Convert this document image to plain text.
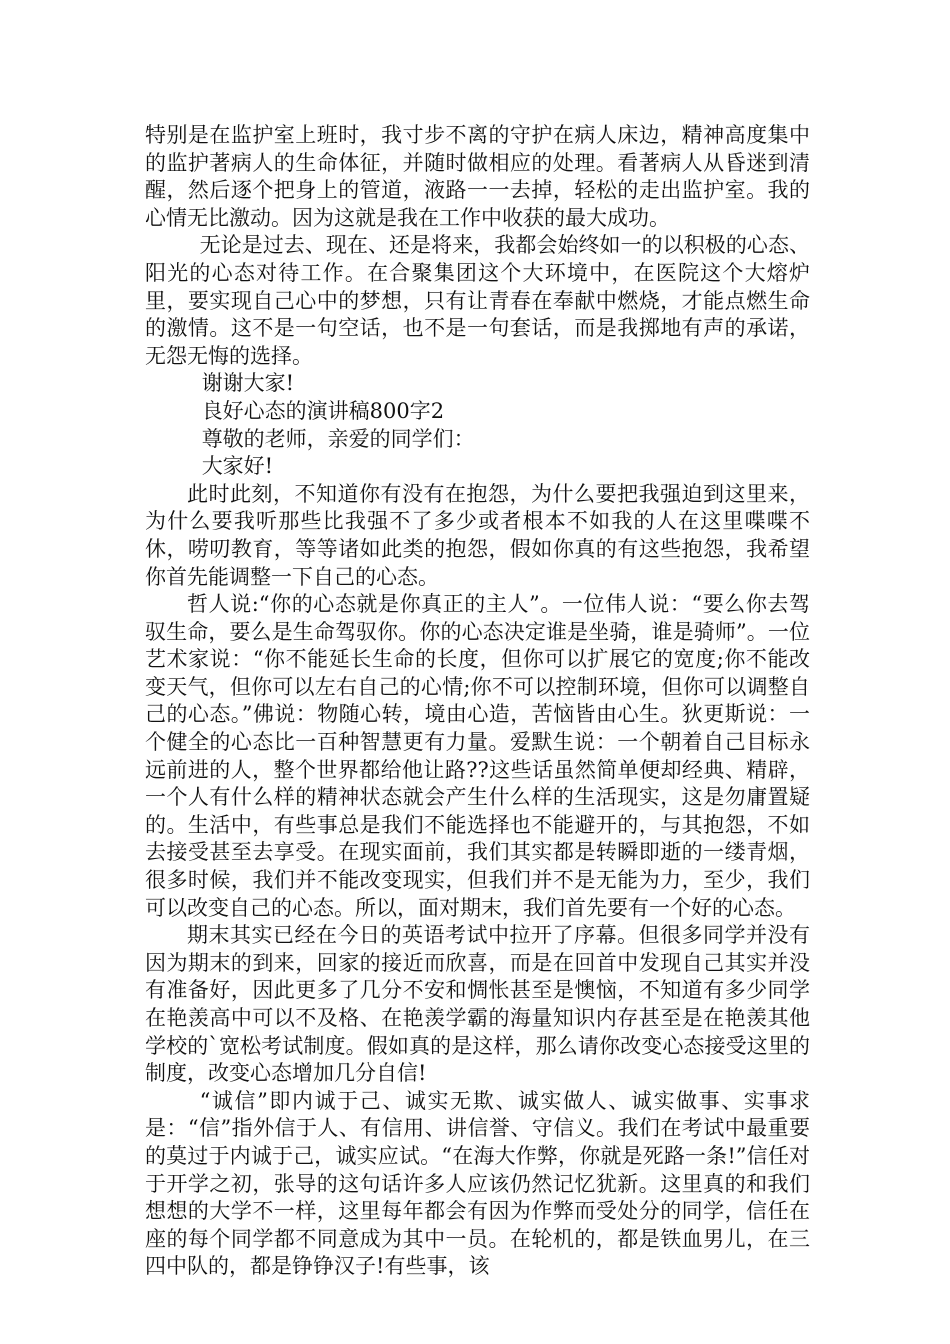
特别是在监护室上班时，我寸步不离的守护在病人床边，精神高度集中的监护著病人的生命体征，并随时做相应的处理。看著病人从昏迷到清醒，然后逐个把身上的管道，液路一一去掉，轻松的走出监护室。我的心情无比激动。因为这就是我在工作中收获的最大成功。

无论是过去、现在、还是将来，我都会始终如一的以积极的心态、阳光的心态对待工作。在合聚集团这个大环境中，在医院这个大熔炉里，要实现自己心中的梦想，只有让青春在奉献中燃烧，才能点燃生命的激情。这不是一句空话，也不是一句套话，而是我掷地有声的承诺，无怨无悔的选择。

谢谢大家!

良好心态的演讲稿800字2

尊敬的老师，亲爱的同学们：

大家好!

此时此刻，不知道你有没有在抱怨，为什么要把我强迫到这里来，为什么要我听那些比我强不了多少或者根本不如我的人在这里喋喋不休，唠叨教育，等等诸如此类的抱怨，假如你真的有这些抱怨，我希望你首先能调整一下自己的心态。

哲人说:“你的心态就是你真正的主人”。一位伟人说：“要么你去驾驭生命，要么是生命驾驭你。你的心态决定谁是坐骑，谁是骑师”。一位艺术家说：“你不能延长生命的长度，但你可以扩展它的宽度;你不能改变天气，但你可以左右自己的心情;你不可以控制环境，但你可以调整自己的心态。”佛说：物随心转，境由心造，苦恼皆由心生。狄更斯说：一个健全的心态比一百种智慧更有力量。爱默生说：一个朝着自己目标永远前进的人，整个世界都给他让路??这些话虽然简单便却经典、精辟，一个人有什么样的精神状态就会产生什么样的生活现实，这是勿庸置疑的。生活中，有些事总是我们不能选择也不能避开的，与其抱怨，不如去接受甚至去享受。在现实面前，我们其实都是转瞬即逝的一缕青烟，很多时候，我们并不能改变现实，但我们并不是无能为力，至少，我们可以改变自己的心态。所以，面对期末，我们首先要有一个好的心态。

期末其实已经在今日的英语考试中拉开了序幕。但很多同学并没有因为期末的到来，回家的接近而欣喜，而是在回首中发现自己其实并没有准备好，因此更多了几分不安和惆怅甚至是懊恼，不知道有多少同学在艳羡高中可以不及格、在艳羡学霸的海量知识内存甚至是在艳羡其他学校的`宽松考试制度。假如真的是这样，那么请你改变心态接受这里的制度，改变心态增加几分自信!

“诚信”即内诚于己、诚实无欺、诚实做人、诚实做事、实事求是：“信”指外信于人、有信用、讲信誉、守信义。我们在考试中最重要的莫过于内诚于己，诚实应试。“在海大作弊，你就是死路一条!”信任对于开学之初，张导的这句话许多人应该仍然记忆犹新。这里真的和我们想想的大学不一样，这里每年都会有因为作弊而受处分的同学，信任在座的每个同学都不同意成为其中一员。在轮机的，都是铁血男儿，在三四中队的，都是铮铮汉子!有些事，该
